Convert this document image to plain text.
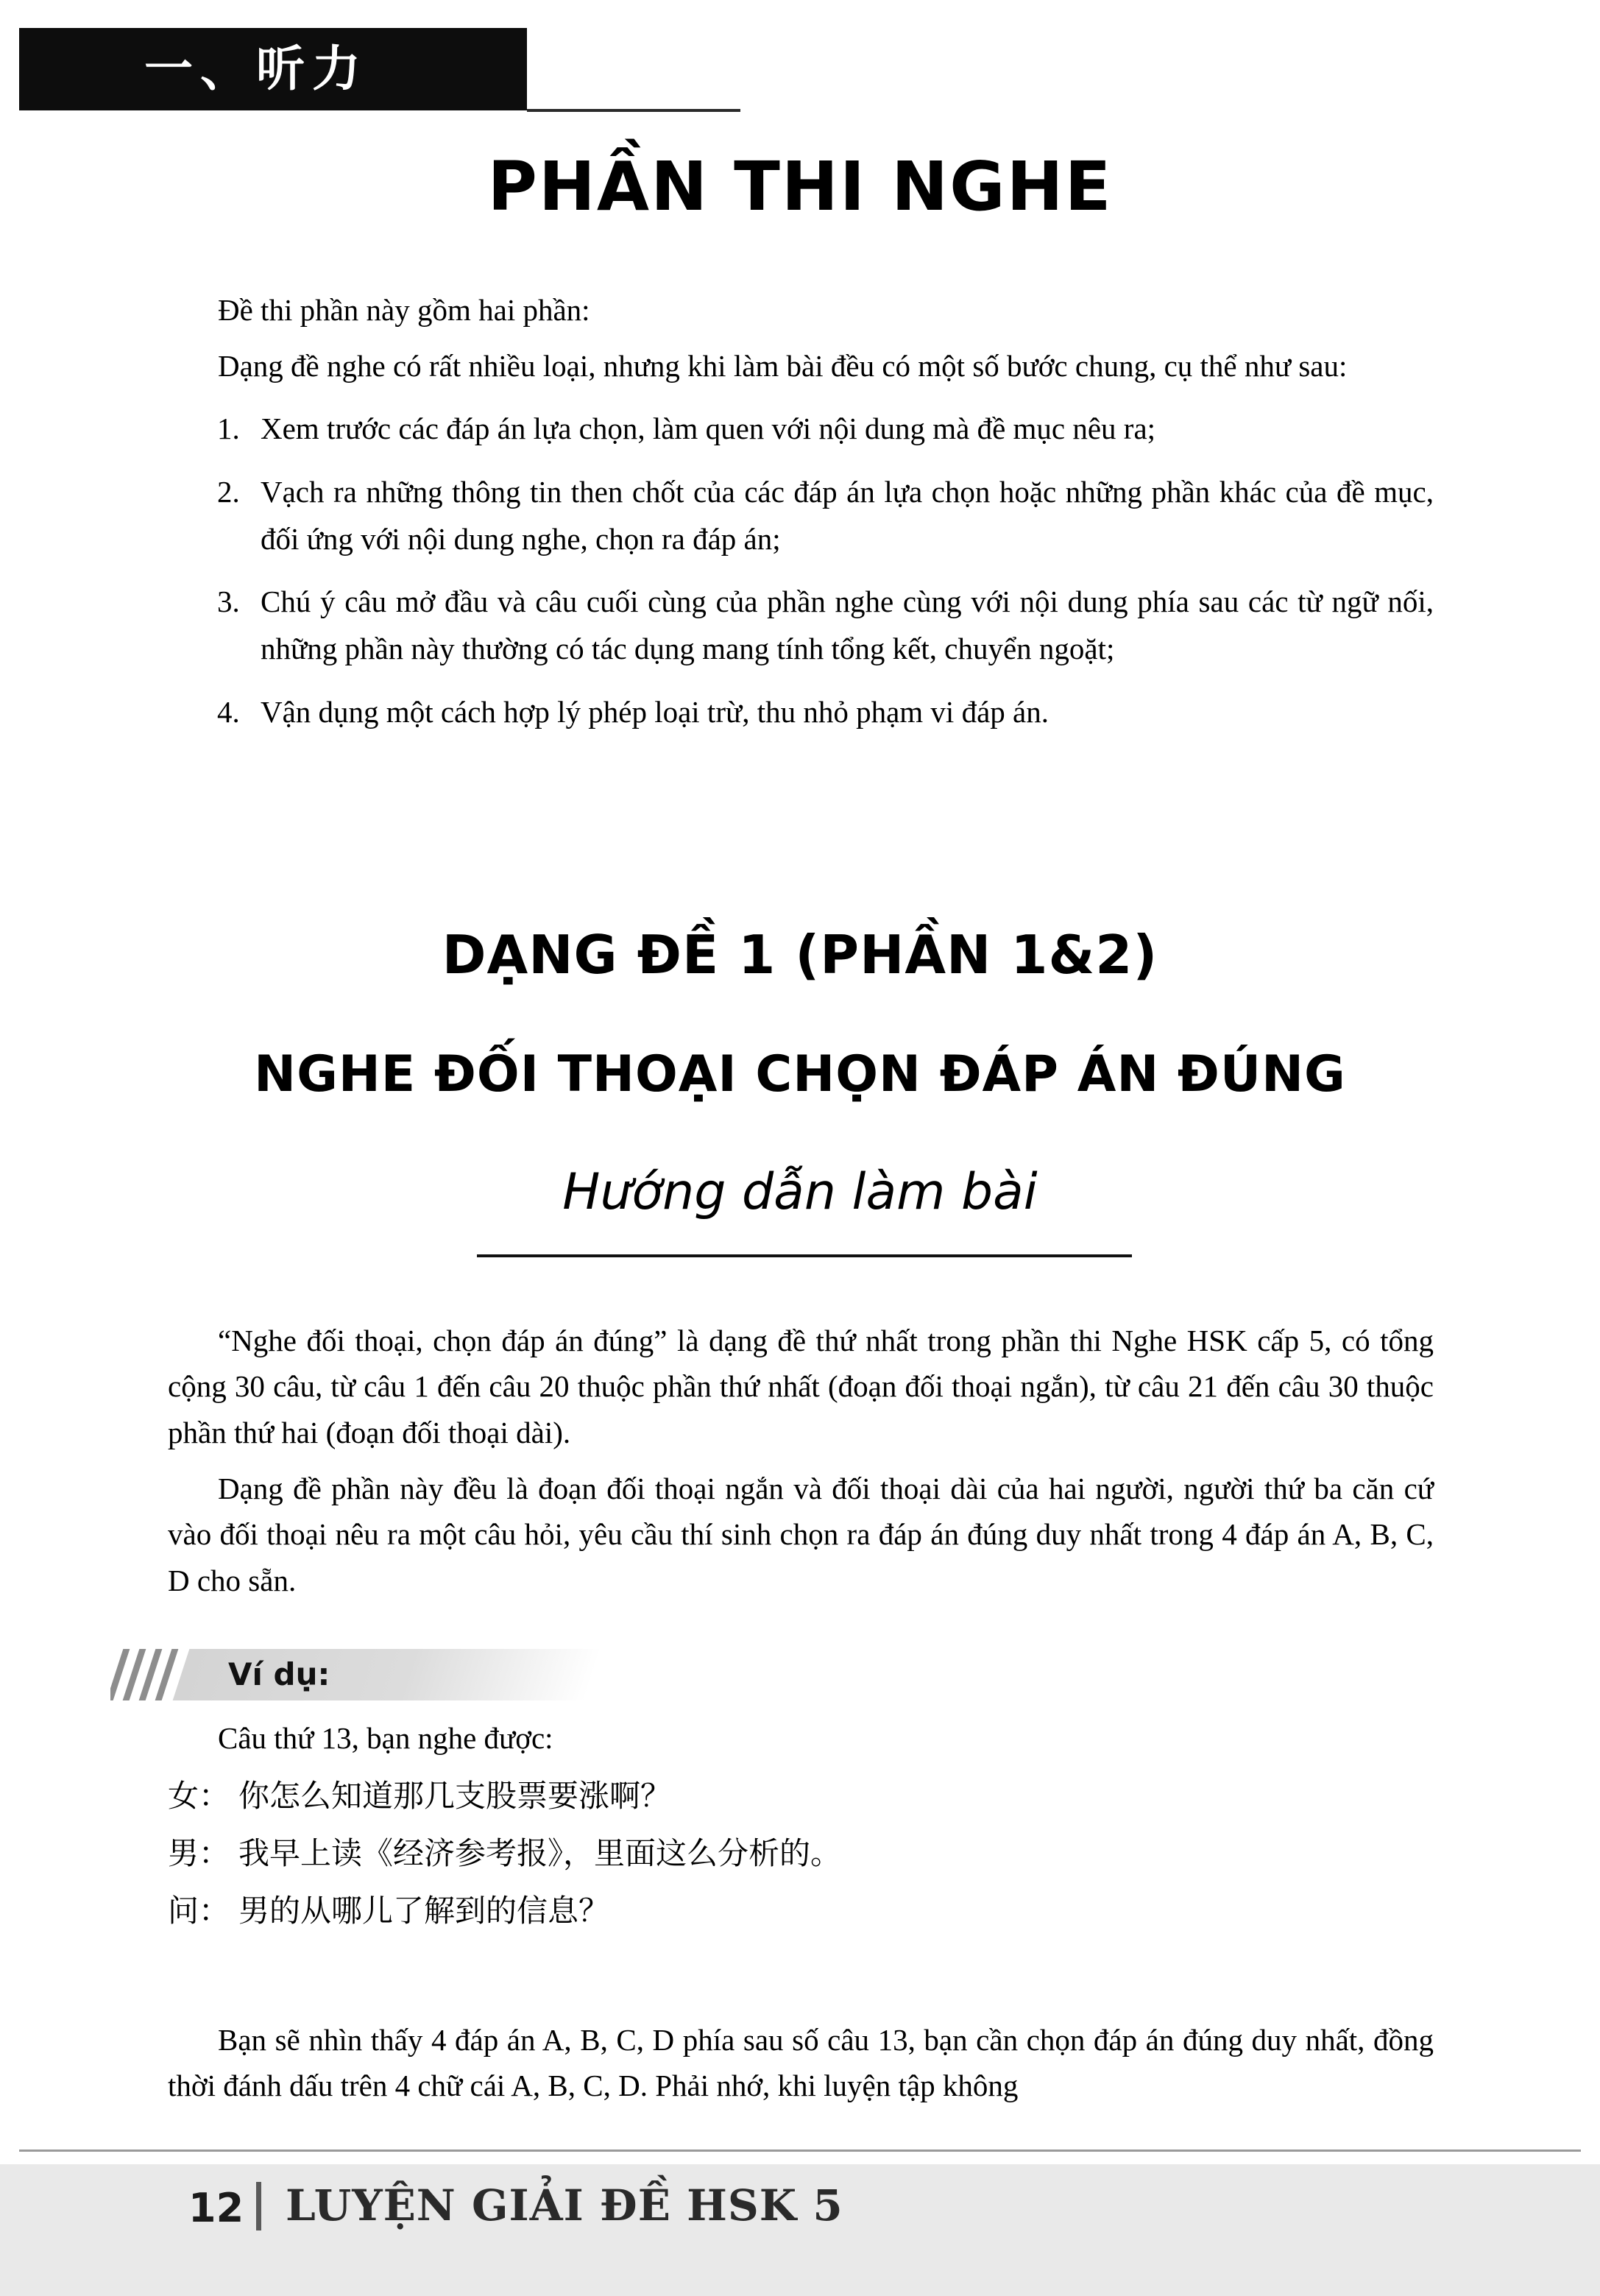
一、听力
PHẦN THI NGHE

Đề thi phần này gồm hai phần:

Dạng đề nghe có rất nhiều loại, nhưng khi làm bài đều có một số bước chung, cụ thể như sau:

1. Xem trước các đáp án lựa chọn, làm quen với nội dung mà đề mục nêu ra;
2. Vạch ra những thông tin then chốt của các đáp án lựa chọn hoặc những phần khác của đề mục, đối ứng với nội dung nghe, chọn ra đáp án;
3. Chú ý câu mở đầu và câu cuối cùng của phần nghe cùng với nội dung phía sau các từ ngữ nối, những phần này thường có tác dụng mang tính tổng kết, chuyển ngoặt;
4. Vận dụng một cách hợp lý phép loại trừ, thu nhỏ phạm vi đáp án.
DẠNG ĐỀ 1 (PHẦN 1&2)
NGHE ĐỐI THOẠI CHỌN ĐÁP ÁN ĐÚNG
Hướng dẫn làm bài

“Nghe đối thoại, chọn đáp án đúng” là dạng đề thứ nhất trong phần thi Nghe HSK cấp 5, có tổng cộng 30 câu, từ câu 1 đến câu 20 thuộc phần thứ nhất (đoạn đối thoại ngắn), từ câu 21 đến câu 30 thuộc phần thứ hai (đoạn đối thoại dài).

Dạng đề phần này đều là đoạn đối thoại ngắn và đối thoại dài của hai người, người thứ ba căn cứ vào đối thoại nêu ra một câu hỏi, yêu cầu thí sinh chọn ra đáp án đúng duy nhất trong 4 đáp án A, B, C, D cho sẵn.

Ví dụ:

Câu thứ 13, bạn nghe được:

女： 你怎么知道那几支股票要涨啊？

男： 我早上读《经济参考报》，里面这么分析的。

问： 男的从哪儿了解到的信息？

Bạn sẽ nhìn thấy 4 đáp án A, B, C, D phía sau số câu 13, bạn cần chọn đáp án đúng duy nhất, đồng thời đánh dấu trên 4 chữ cái A, B, C, D. Phải nhớ, khi luyện tập không

12 LUYỆN GIẢI ĐỀ HSK 5
